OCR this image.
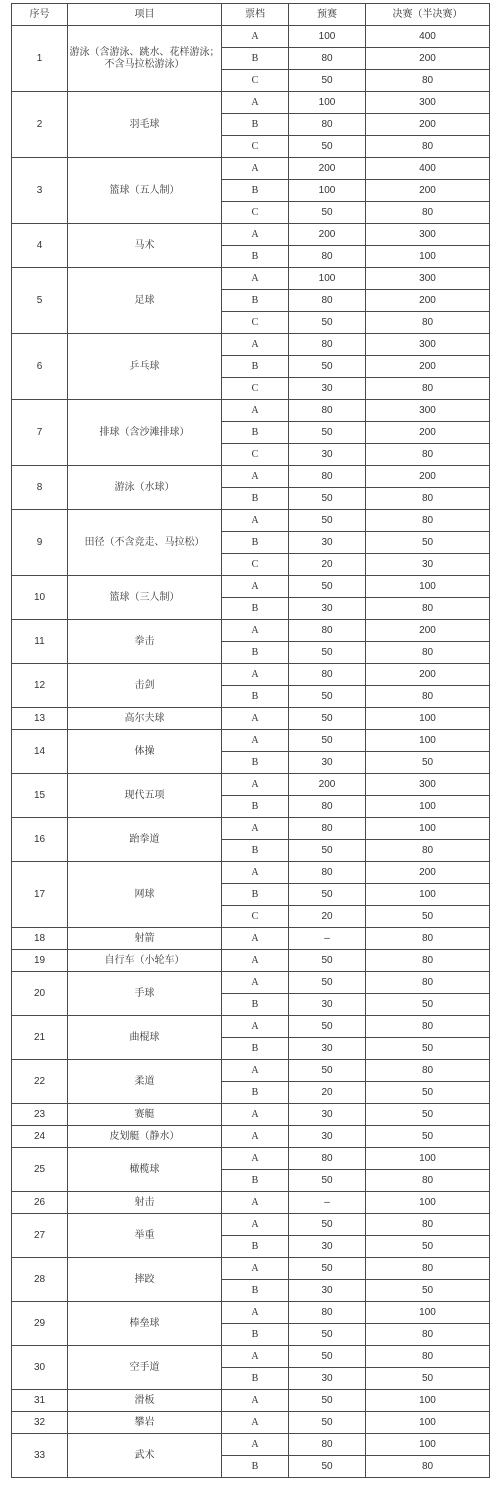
序号	项目	票档	预赛	决赛（半决赛）
1	游泳（含游泳、跳水、花样游泳；不含马拉松游泳）	A	100	400
		B	80	200
		C	50	80
2	羽毛球	A	100	300
		B	80	200
		C	50	80
3	篮球（五人制）	A	200	400
		B	100	200
		C	50	80
4	马术	A	200	300
		B	80	100
5	足球	A	100	300
		B	80	200
		C	50	80
6	乒乓球	A	80	300
		B	50	200
		C	30	80
7	排球（含沙滩排球）	A	80	300
		B	50	200
		C	30	80
8	游泳（水球）	A	80	200
		B	50	80
9	田径（不含竞走、马拉松）	A	50	80
		B	30	50
		C	20	30
10	篮球（三人制）	A	50	100
		B	30	80
11	拳击	A	80	200
		B	50	80
12	击剑	A	80	200
		B	50	80
13	高尔夫球	A	50	100
14	体操	A	50	100
		B	30	50
15	现代五项	A	200	300
		B	80	100
16	跆拳道	A	80	100
		B	50	80
17	网球	A	80	200
		B	50	100
		C	20	50
18	射箭	A	–	80
19	自行车（小轮车）	A	50	80
20	手球	A	50	80
		B	30	50
21	曲棍球	A	50	80
		B	30	50
22	柔道	A	50	80
		B	20	50
23	赛艇	A	30	50
24	皮划艇（静水）	A	30	50
25	橄榄球	A	80	100
		B	50	80
26	射击	A	–	100
27	举重	A	50	80
		B	30	50
28	摔跤	A	50	80
		B	30	50
29	棒垒球	A	80	100
		B	50	80
30	空手道	A	50	80
		B	30	50
31	滑板	A	50	100
32	攀岩	A	50	100
33	武术	A	80	100
		B	50	80
